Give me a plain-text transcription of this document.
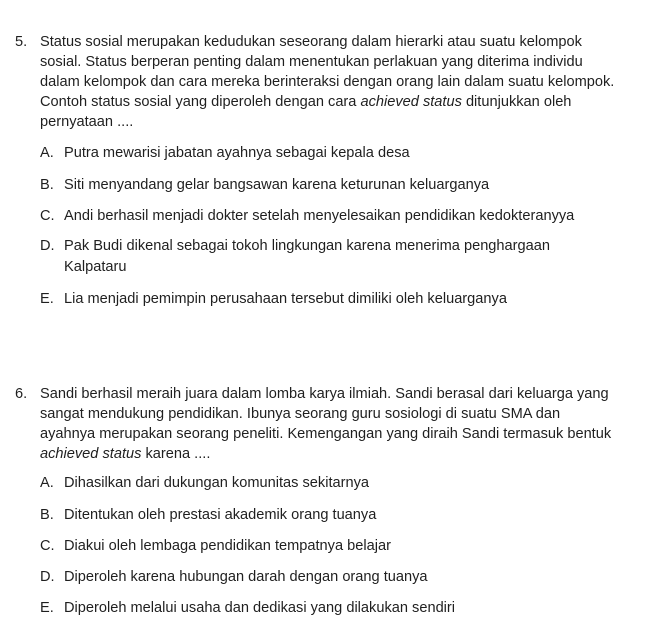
5. Status sosial merupakan kedudukan seseorang dalam hierarki atau suatu kelompok
sosial. Status berperan penting dalam menentukan perlakuan yang diterima individu
dalam kelompok dan cara mereka berinteraksi dengan orang lain dalam suatu kelompok.
Contoh status sosial yang diperoleh dengan cara achieved status ditunjukkan oleh
pernyataan ....
A. Putra mewarisi jabatan ayahnya sebagai kepala desa
B. Siti menyandang gelar bangsawan karena keturunan keluarganya
C. Andi berhasil menjadi dokter setelah menyelesaikan pendidikan kedokteranyya
D. Pak Budi dikenal sebagai tokoh lingkungan karena menerima penghargaan
Kalpataru
E. Lia menjadi pemimpin perusahaan tersebut dimiliki oleh keluarganya
6. Sandi berhasil meraih juara dalam lomba karya ilmiah. Sandi berasal dari keluarga yang
sangat mendukung pendidikan. Ibunya seorang guru sosiologi di suatu SMA dan
ayahnya merupakan seorang peneliti. Kemengangan yang diraih Sandi termasuk bentuk
achieved status karena ....
A. Dihasilkan dari dukungan komunitas sekitarnya
B. Ditentukan oleh prestasi akademik orang tuanya
C. Diakui oleh lembaga pendidikan tempatnya belajar
D. Diperoleh karena hubungan darah dengan orang tuanya
E. Diperoleh melalui usaha dan dedikasi yang dilakukan sendiri
